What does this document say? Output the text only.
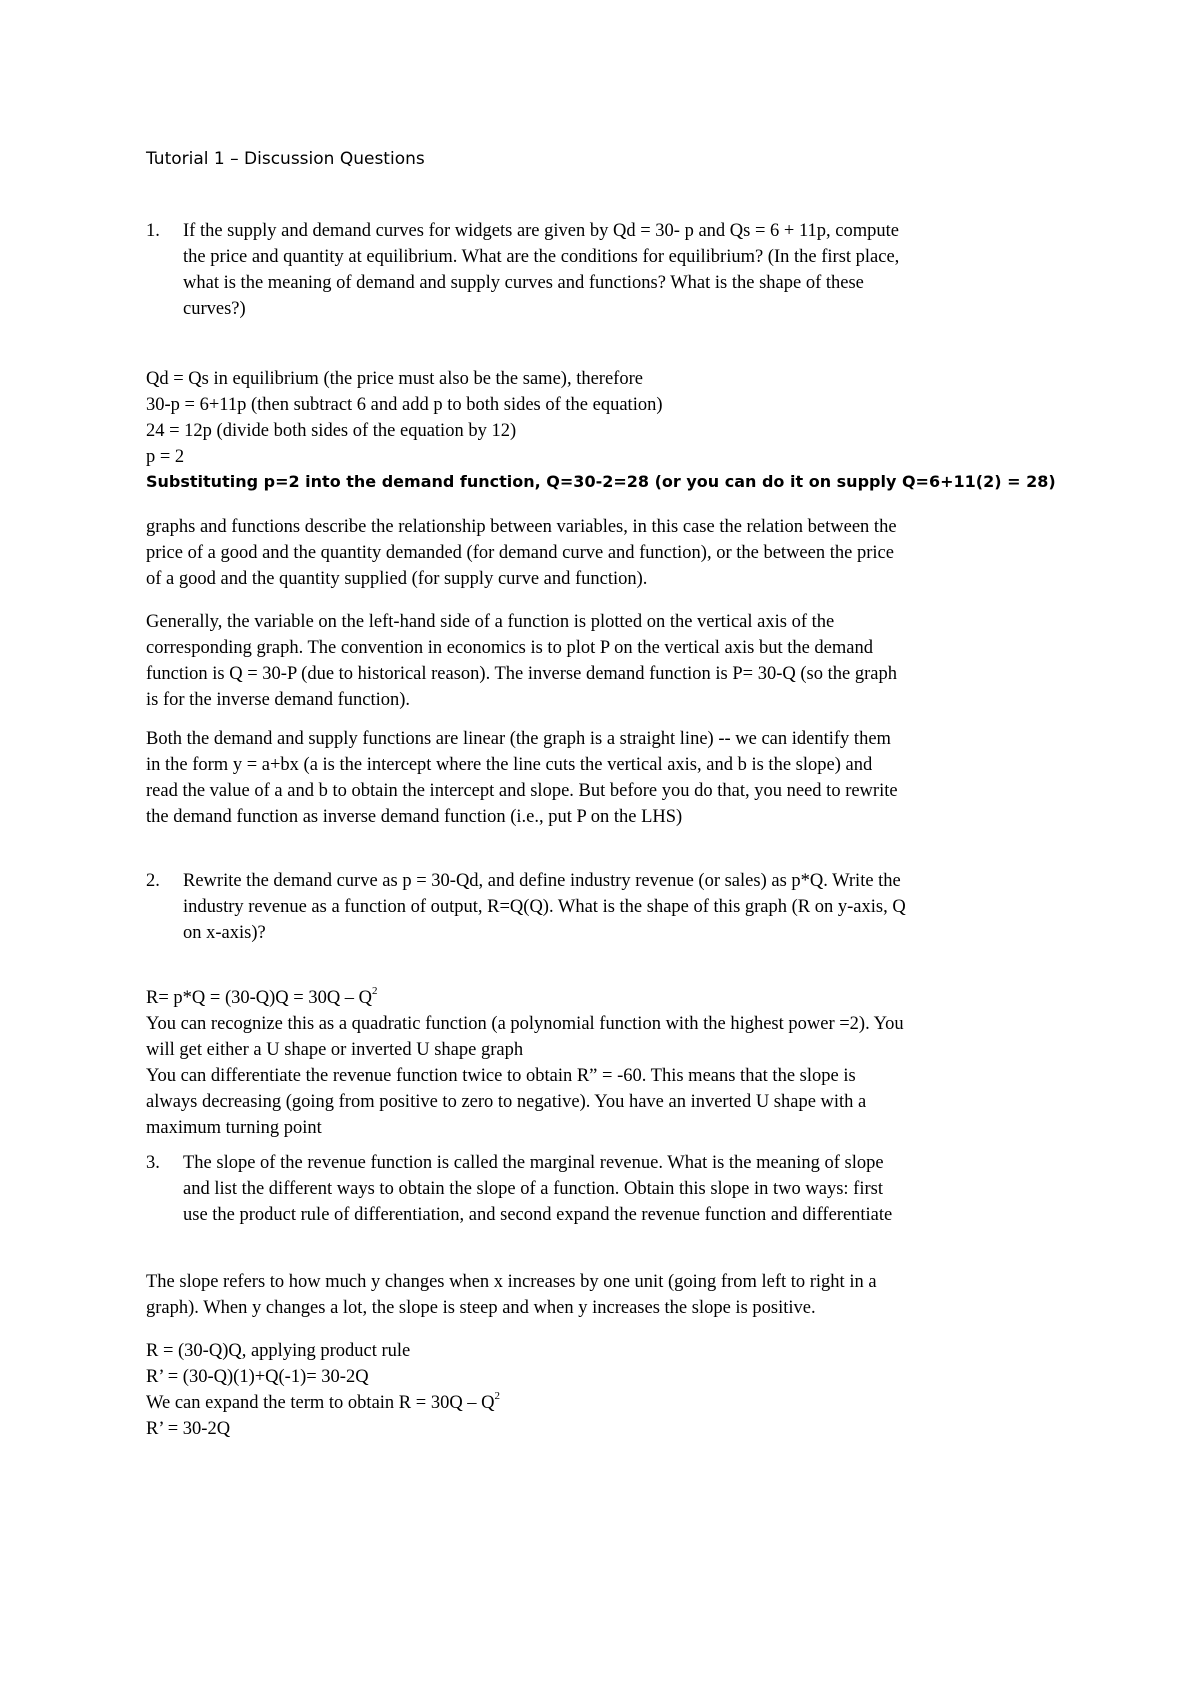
Tutorial 1 – Discussion Questions
1.	If the supply and demand curves for widgets are given by Qd = 30- p and Qs = 6 + 11p, compute
the price and quantity at equilibrium. What are the conditions for equilibrium? (In the first place,
what is the meaning of demand and supply curves and functions? What is the shape of these
curves?)
Qd = Qs in equilibrium (the price must also be the same), therefore
30-p = 6+11p (then subtract 6 and add p to both sides of the equation)
24 = 12p (divide both sides of the equation by 12)
p = 2
Substituting p=2 into the demand function, Q=30-2=28 (or you can do it on supply Q=6+11(2) = 28)
graphs and functions describe the relationship between variables, in this case the relation between the
price of a good and the quantity demanded (for demand curve and function), or the between the price
of a good and the quantity supplied (for supply curve and function).
Generally, the variable on the left-hand side of a function is plotted on the vertical axis of the
corresponding graph. The convention in economics is to plot P on the vertical axis but the demand
function is Q = 30-P (due to historical reason). The inverse demand function is P= 30-Q (so the graph
is for the inverse demand function).
Both the demand and supply functions are linear (the graph is a straight line) -- we can identify them
in the form y = a+bx (a is the intercept where the line cuts the vertical axis, and b is the slope) and
read the value of a and b to obtain the intercept and slope. But before you do that, you need to rewrite
the demand function as inverse demand function (i.e., put P on the LHS)
2.	Rewrite the demand curve as p = 30-Qd, and define industry revenue (or sales) as p*Q. Write the
industry revenue as a function of output, R=Q(Q). What is the shape of this graph (R on y-axis, Q
on x-axis)?
$R= p*Q = (30-Q)Q = 30Q - Q^2$
You can recognize this as a quadratic function (a polynomial function with the highest power =2). You
will get either a U shape or inverted U shape graph
You can differentiate the revenue function twice to obtain R” = -60. This means that the slope is
always decreasing (going from positive to zero to negative). You have an inverted U shape with a
maximum turning point
3.	The slope of the revenue function is called the marginal revenue. What is the meaning of slope
and list the different ways to obtain the slope of a function. Obtain this slope in two ways: first
use the product rule of differentiation, and second expand the revenue function and differentiate
The slope refers to how much y changes when x increases by one unit (going from left to right in a
graph). When y changes a lot, the slope is steep and when y increases the slope is positive.
R = (30-Q)Q, applying product rule
R’ = (30-Q)(1)+Q(-1)= 30-2Q
We can expand the term to obtain $R = 30Q - Q^2$
R’ = 30-2Q
